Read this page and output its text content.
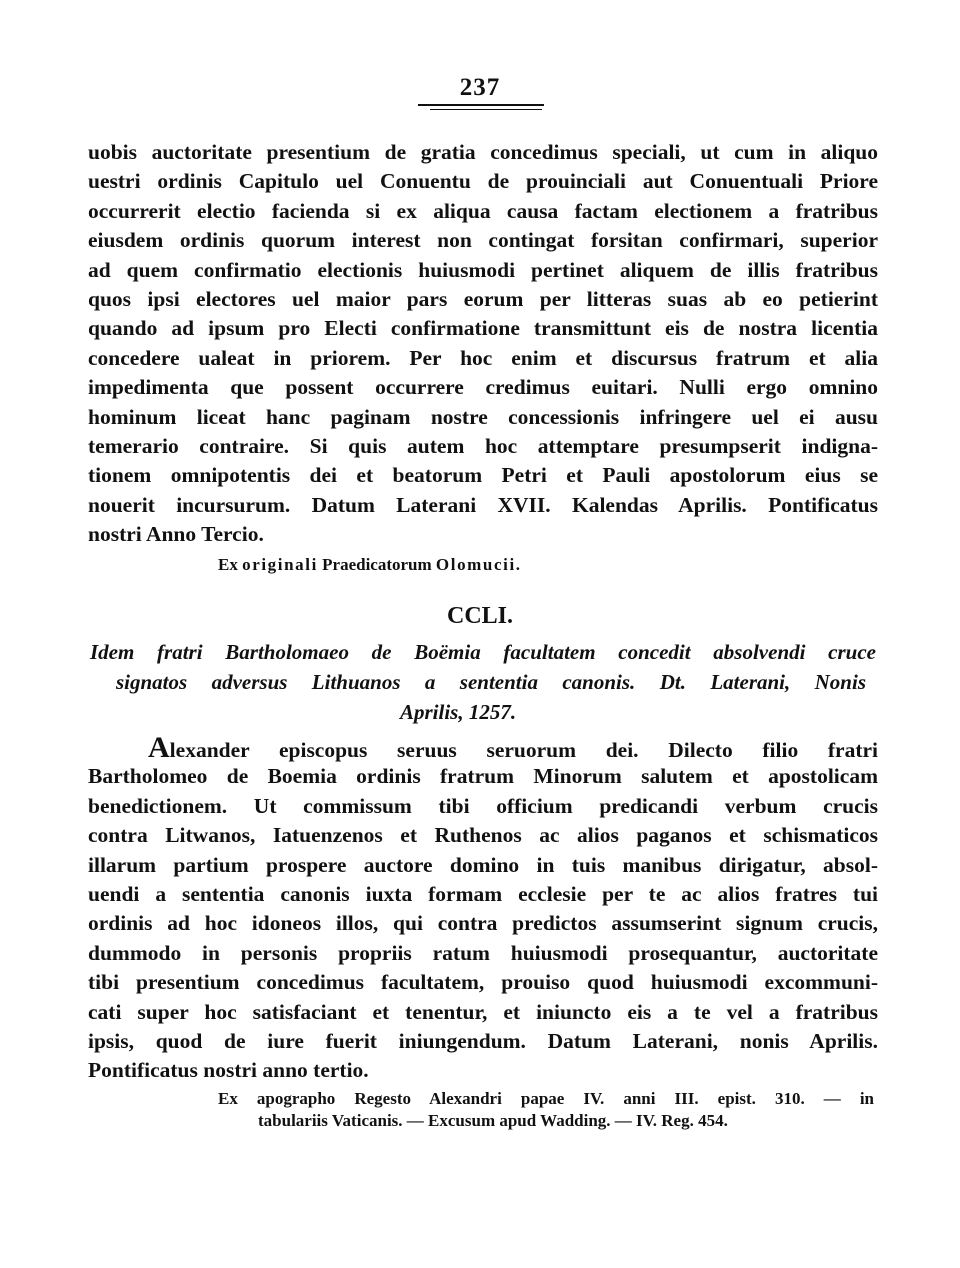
237
uobis auctoritate presentium de gratia concedimus speciali, ut cum in aliquo
uestri ordinis Capitulo uel Conuentu de prouinciali aut Conuentuali Priore
occurrerit electio facienda si ex aliqua causa factam electionem a fratribus
eiusdem ordinis quorum interest non contingat forsitan confirmari, superior
ad quem confirmatio electionis huiusmodi pertinet aliquem de illis fratribus
quos ipsi electores uel maior pars eorum per litteras suas ab eo petierint
quando ad ipsum pro Electi confirmatione transmittunt eis de nostra licentia
concedere ualeat in priorem. Per hoc enim et discursus fratrum et alia
impedimenta que possent occurrere credimus euitari. Nulli ergo omnino
hominum liceat hanc paginam nostre concessionis infringere uel ei ausu
temerario contraire. Si quis autem hoc attemptare presumpserit indigna-
tionem omnipotentis dei et beatorum Petri et Pauli apostolorum eius se
nouerit incursurum. Datum Laterani XVII. Kalendas Aprilis. Pontificatus
nostri Anno Tercio.
Ex originali Praedicatorum Olomucii.
CCLI.
Idem fratri Bartholomaeo de Boëmia facultatem concedit absolvendi cruce
signatos adversus Lithuanos a sententia canonis. Dt. Laterani, Nonis
Aprilis, 1257.
Alexander episcopus seruus seruorum dei. Dilecto filio fratri
Bartholomeo de Boemia ordinis fratrum Minorum salutem et apostolicam
benedictionem. Ut commissum tibi officium predicandi verbum crucis
contra Litwanos, Iatuenzenos et Ruthenos ac alios paganos et schismaticos
illarum partium prospere auctore domino in tuis manibus dirigatur, absol-
uendi a sententia canonis iuxta formam ecclesie per te ac alios fratres tui
ordinis ad hoc idoneos illos, qui contra predictos assumserint signum crucis,
dummodo in personis propriis ratum huiusmodi prosequantur, auctoritate
tibi presentium concedimus facultatem, prouiso quod huiusmodi excommuni-
cati super hoc satisfaciant et tenentur, et iniuncto eis a te vel a fratribus
ipsis, quod de iure fuerit iniungendum. Datum Laterani, nonis Aprilis.
Pontificatus nostri anno tertio.
Ex apographo Regesto Alexandri papae IV. anni III. epist. 310. — in
tabulariis Vaticanis. — Excusum apud Wadding. — IV. Reg. 454.
